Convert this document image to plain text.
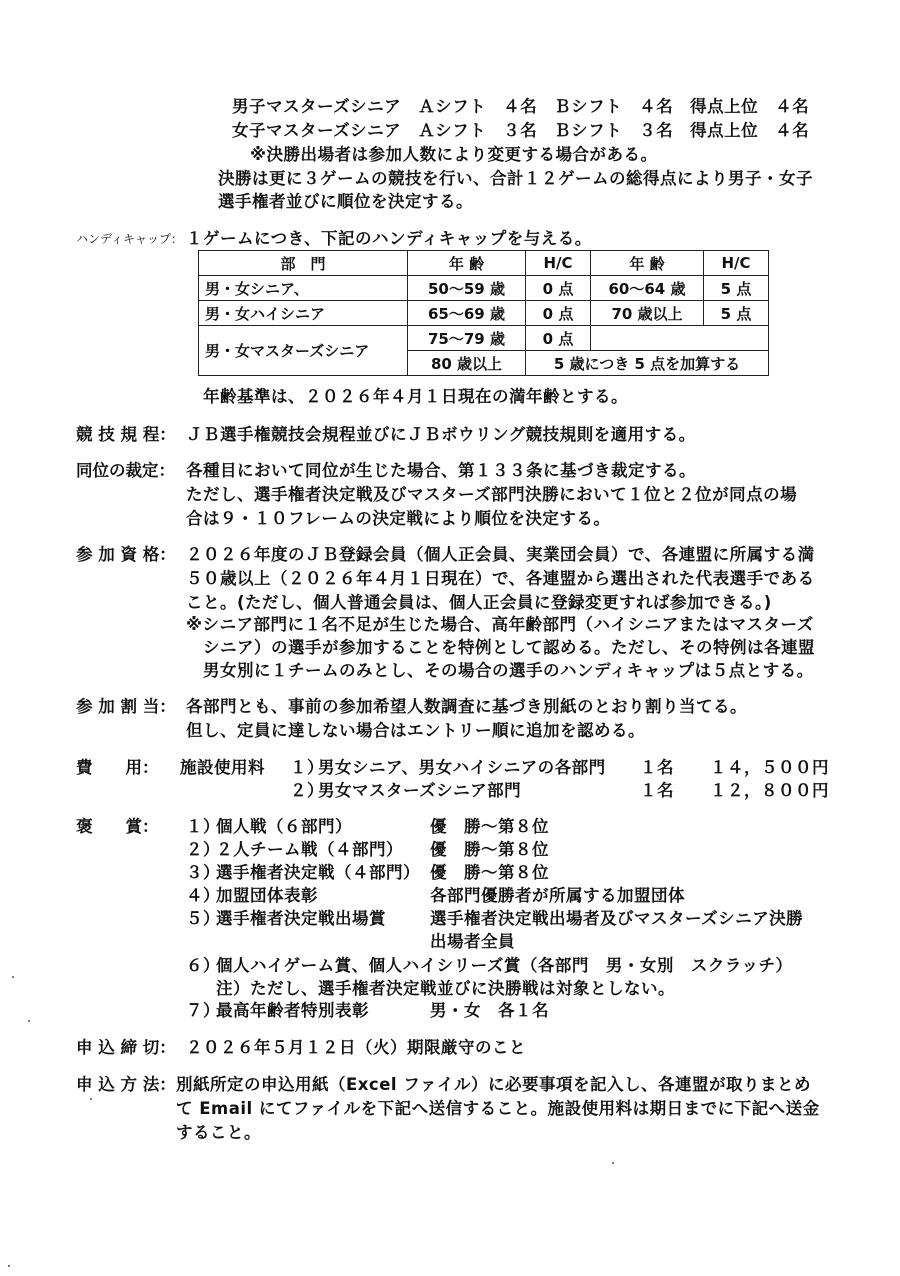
男子マスターズシニア　Ａシフト　４名　Ｂシフト　４名　得点上位　４名
女子マスターズシニア　Ａシフト　３名　Ｂシフト　３名　得点上位　４名
※決勝出場者は参加人数により変更する場合がある。
決勝は更に３ゲームの競技を行い、合計１２ゲームの総得点により男子・女子
選手権者並びに順位を決定する。
ハンディキャップ： １ゲームにつき、下記のハンディキャップを与える。
部　門	年 齢	H/C	年 齢	H/C
男・女シニア、	50～59 歳	0 点	60～64 歳	5 点
男・女ハイシニア	65～69 歳	0 点	70 歳以上	5 点
男・女マスターズシニア	75～79 歳	0 点		
	80 歳以上	5 歳につき 5 点を加算する		
年齢基準は、２０２６年４月１日現在の満年齢とする。
競 技 規 程： ＪＢ選手権競技会規程並びにＪＢボウリング競技規則を適用する。
同位の裁定： 各種目において同位が生じた場合、第１３３条に基づき裁定する。
ただし、選手権者決定戦及びマスターズ部門決勝において１位と２位が同点の場
合は９・１０フレームの決定戦により順位を決定する。
参 加 資 格： ２０２６年度のＪＢ登録会員（個人正会員、実業団会員）で、各連盟に所属する満
５０歳以上（２０２６年４月１日現在）で、各連盟から選出された代表選手である
こと。(ただし、個人普通会員は、個人正会員に登録変更すれば参加できる。)
※シニア部門に１名不足が生じた場合、高年齢部門（ハイシニアまたはマスターズ
シニア）の選手が参加することを特例として認める。ただし、その特例は各連盟
男女別に１チームのみとし、その場合の選手のハンディキャップは５点とする。
参 加 割 当： 各部門とも、事前の参加希望人数調査に基づき別紙のとおり割り当てる。
但し、定員に達しない場合はエントリー順に追加を認める。
費　　用： 施設使用料 １）
男女シニア、男女ハイシニアの各部門 １名 １４，５００円
２）
男女マスターズシニア部門	１名 １２，８００円
褒　　賞： １）
個人戦（６部門）	優　勝～第８位
２）
２人チーム戦（４部門） 優　勝～第８位
３）
選手権者決定戦（４部門） 優　勝～第８位
４）
加盟団体表彰	各部門優勝者が所属する加盟団体
５）
選手権者決定戦出場賞	選手権者決定戦出場者及びマスターズシニア決勝
出場者全員
６）
個人ハイゲーム賞、個人ハイシリーズ賞（各部門　男・女別　スクラッチ）
注）ただし、選手権者決定戦並びに決勝戦は対象としない。
７）
最高年齢者特別表彰	男・女　各１名
申 込 締 切： ２０２６年５月１２日（火）期限厳守のこと
申 込 方 法： 別紙所定の申込用紙（Excel ファイル）に必要事項を記入し、各連盟が取りまとめ
て Email にてファイルを下記へ送信すること。施設使用料は期日までに下記へ送金
すること。
